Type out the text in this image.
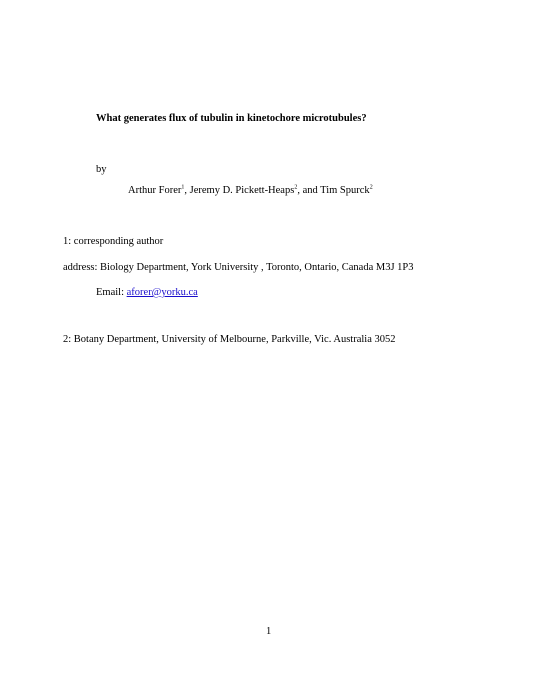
What generates flux of tubulin in kinetochore microtubules?
by
Arthur Forer$^1$, Jeremy D. Pickett-Heaps$^2$, and Tim Spurck$^2$
1: corresponding author
address: Biology Department, York University , Toronto, Ontario, Canada M3J 1P3
Email: aforer@yorku.ca
2: Botany Department, University of Melbourne, Parkville, Vic. Australia 3052
1
